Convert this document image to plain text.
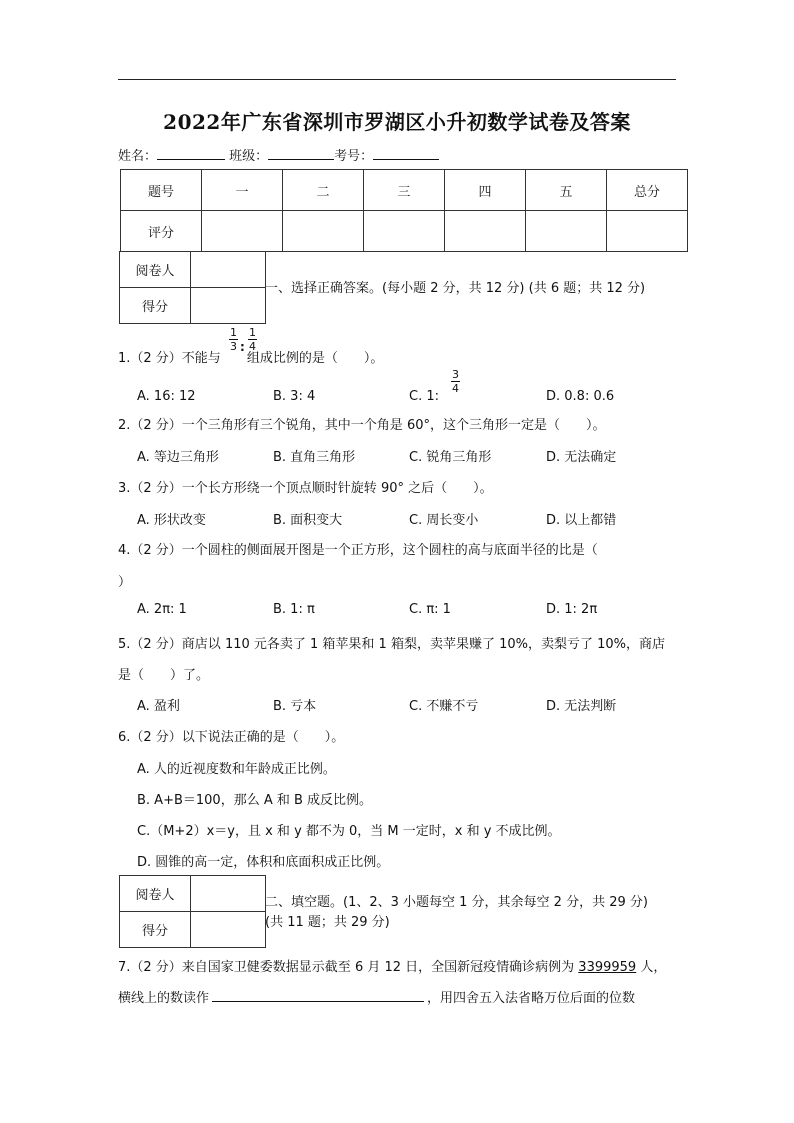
2022年广东省深圳市罗湖区小升初数学试卷及答案
姓名：	班级：	考号：
题号	一	二	三	四	五	总分
评分						
阅卷人	
得分	
一、选择正确答案。(每小题 2 分，共 12 分) (共 6 题；共 12 分)
1.（2 分）不能与 组成比例的是（　　）。
1
3 :
1
4
A. 16: 12	B. 3: 4	C. 1:
3
4
D. 0.8: 0.6
2.（2 分）一个三角形有三个锐角，其中一个角是 60°，这个三角形一定是（　　）。
A. 等边三角形	B. 直角三角形	C. 锐角三角形	D. 无法确定
3.（2 分）一个长方形绕一个顶点顺时针旋转 90° 之后（　　）。
A. 形状改变	B. 面积变大	C. 周长变小	D. 以上都错
4.（2 分）一个圆柱的侧面展开图是一个正方形，这个圆柱的高与底面半径的比是（
）
A. 2π: 1	B. 1: π	C. π: 1	D. 1: 2π
5.（2 分）商店以 110 元各卖了 1 箱苹果和 1 箱梨，卖苹果赚了 10%，卖梨亏了 10%，商店
是（　　）了。
A. 盈利	B. 亏本	C. 不赚不亏	D. 无法判断
6.（2 分）以下说法正确的是（　　）。
A. 人的近视度数和年龄成正比例。
B. A+B＝100，那么 A 和 B 成反比例。
C.（M+2）x＝y，且 x 和 y 都不为 0，当 M 一定时，x 和 y 不成比例。
D. 圆锥的高一定，体积和底面积成正比例。
阅卷人	
得分	
二、填空题。(1、2、3 小题每空 1 分，其余每空 2 分，共 29 分)
(共 11 题；共 29 分)
7.（2 分）来自国家卫健委数据显示截至 6 月 12 日，全国新冠疫情确诊病例为 3399959 人，
横线上的数读作	，用四舍五入法省略万位后面的位数
